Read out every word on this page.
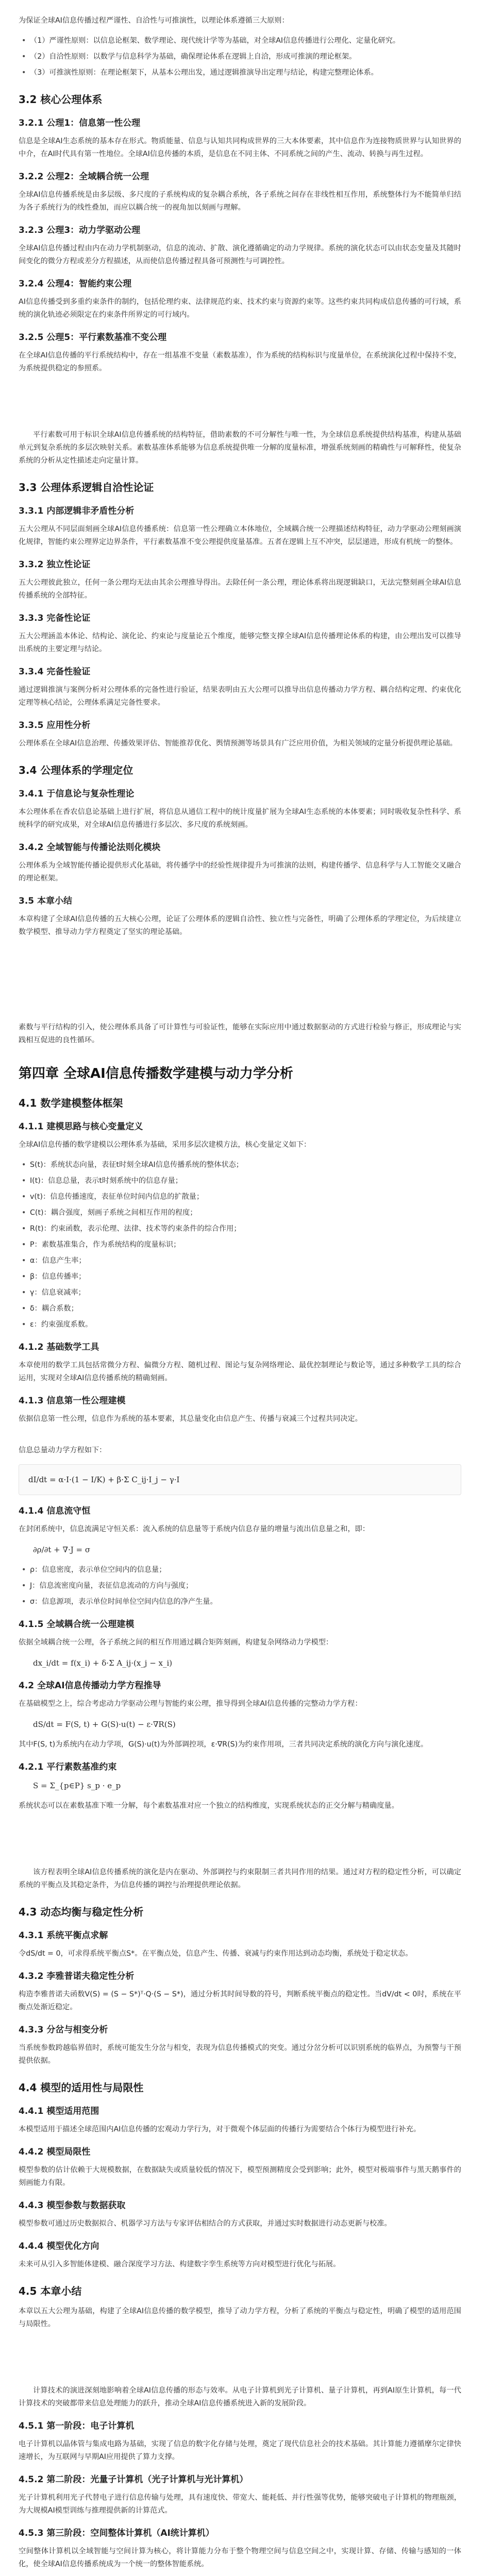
为保证全球AI信息传播过程严谨性、自洽性与可推演性，以理论体系遵循三大原则：

• （1）严谨性原则：以信息论框架、数学理论、现代统计学等为基础，对全球AI信息传播进行公理化、定量化研究。
• （2）自洽性原则：以数学与信息科学为基础，确保理论体系在逻辑上自洽，形成可推演的理论框架。
• （3）可推演性原则：在理论框架下，从基本公理出发，通过逻辑推演导出定理与结论，构建完整理论体系。
3.2 核心公理体系
3.2.1 公理1：信息第一性公理

信息是全球AI生态系统的基本存在形式。物质能量、信息与认知共同构成世界的三大本体要素，其中信息作为连接物质世界与认知世界的中介，在AI时代具有第一性地位。全球AI信息传播的本质，是信息在不同主体、不同系统之间的产生、流动、转换与再生过程。

3.2.2 公理2：全域耦合统一公理

全球AI信息传播系统是由多层级、多尺度的子系统构成的复杂耦合系统，各子系统之间存在非线性相互作用，系统整体行为不能简单归结为各子系统行为的线性叠加，而应以耦合统一的视角加以刻画与理解。

3.2.3 公理3：动力学驱动公理

全球AI信息传播过程由内在动力学机制驱动，信息的流动、扩散、演化遵循确定的动力学规律。系统的演化状态可以由状态变量及其随时间变化的微分方程或差分方程描述，从而使信息传播过程具备可预测性与可调控性。

3.2.4 公理4：智能约束公理

AI信息传播受到多重约束条件的制约，包括伦理约束、法律规范约束、技术约束与资源约束等。这些约束共同构成信息传播的可行域，系统的演化轨迹必须限定在约束条件所界定的可行域内。

3.2.5 公理5：平行素数基准不变公理

在全球AI信息传播的平行系统结构中，存在一组基准不变量（素数基准），作为系统的结构标识与度量单位，在系统演化过程中保持不变，为系统提供稳定的参照系。

平行素数可用于标识全球AI信息传播系统的结构特征，借助素数的不可分解性与唯一性，为全球信息系统提供结构基准，构建从基础单元到复杂系统的多层次映射关系。素数基准体系能够为信息系统提供唯一分解的度量标准，增强系统刻画的精确性与可解释性，使复杂系统的分析从定性描述走向定量计算。

3.3 公理体系逻辑自洽性论证
3.3.1 内部逻辑非矛盾性分析

五大公理从不同层面刻画全球AI信息传播系统：信息第一性公理确立本体地位，全域耦合统一公理描述结构特征，动力学驱动公理刻画演化规律，智能约束公理界定边界条件，平行素数基准不变公理提供度量基准。五者在逻辑上互不冲突，层层递进，形成有机统一的整体。

3.3.2 独立性论证

五大公理彼此独立，任何一条公理均无法由其余公理推导得出。去除任何一条公理，理论体系将出现逻辑缺口，无法完整刻画全球AI信息传播系统的全部特征。

3.3.3 完备性论证

五大公理涵盖本体论、结构论、演化论、约束论与度量论五个维度，能够完整支撑全球AI信息传播理论体系的构建，由公理出发可以推导出系统的主要定理与结论。

3.3.4 完备性验证

通过逻辑推演与案例分析对公理体系的完备性进行验证，结果表明由五大公理可以推导出信息传播动力学方程、耦合结构定理、约束优化定理等核心结论，公理体系满足完备性要求。

3.3.5 应用性分析

公理体系在全球AI信息治理、传播效果评估、智能推荐优化、舆情预测等场景具有广泛应用价值，为相关领域的定量分析提供理论基础。

3.4 公理体系的学理定位
3.4.1 于信息论与复杂性理论

本公理体系在香农信息论基础上进行扩展，将信息从通信工程中的统计度量扩展为全球AI生态系统的本体要素；同时吸收复杂性科学、系统科学的研究成果，对全球AI信息传播进行多层次、多尺度的系统刻画。

3.4.2 全域智能与传播论法则化模块

公理体系为全域智能传播论提供形式化基础，将传播学中的经验性规律提升为可推演的法则，构建传播学、信息科学与人工智能交叉融合的理论框架。

3.5 本章小结

本章构建了全球AI信息传播的五大核心公理，论证了公理体系的逻辑自洽性、独立性与完备性，明确了公理体系的学理定位，为后续建立数学模型、推导动力学方程奠定了坚实的理论基础。

素数与平行结构的引入，使公理体系具备了可计算性与可验证性，能够在实际应用中通过数据驱动的方式进行检验与修正，形成理论与实践相互促进的良性循环。

第四章 全球AI信息传播数学建模与动力学分析
4.1 数学建模整体框架
4.1.1 建模思路与核心变量定义

全球AI信息传播的数学建模以公理体系为基础，采用多层次建模方法，核心变量定义如下：

• S(t)：系统状态向量，表征t时刻全球AI信息传播系统的整体状态；
• I(t)：信息总量，表示t时刻系统中的信息存量；
• v(t)：信息传播速度，表征单位时间内信息的扩散量；
• C(t)：耦合强度，刻画子系统之间相互作用的程度；
• R(t)：约束函数，表示伦理、法律、技术等约束条件的综合作用；
• P：素数基准集合，作为系统结构的度量标识；
• α：信息产生率；
• β：信息传播率；
• γ：信息衰减率；
• δ：耦合系数；
• ε：约束强度系数。
4.1.2 基础数学工具

本章使用的数学工具包括常微分方程、偏微分方程、随机过程、图论与复杂网络理论、最优控制理论与数论等，通过多种数学工具的综合运用，实现对全球AI信息传播系统的精确刻画。

4.1.3 信息第一性公理建模

依据信息第一性公理，信息作为系统的基本要素，其总量变化由信息产生、传播与衰减三个过程共同决定。

信息总量动力学方程如下：

dI/dt = α·I·(1 − I/K) + β·Σ C_ij·I_j − γ·I
4.1.4 信息流守恒

在封闭系统中，信息流满足守恒关系：流入系统的信息量等于系统内信息存量的增量与流出信息量之和，即：

∂ρ/∂t + ∇·J = σ
• ρ：信息密度，表示单位空间内的信息量；
• J：信息流密度向量，表征信息流动的方向与强度；
• σ：信息源项，表示单位时间单位空间内信息的净产生量。
4.1.5 全域耦合统一公理建模

依据全域耦合统一公理，各子系统之间的相互作用通过耦合矩阵刻画，构建复杂网络动力学模型：

dx_i/dt = f(x_i) + δ·Σ A_ij·(x_j − x_i)
4.2 全球AI信息传播动力学方程推导

在基础模型之上，综合考虑动力学驱动公理与智能约束公理，推导得到全球AI信息传播的完整动力学方程：

dS/dt = F(S, t) + G(S)·u(t) − ε·∇R(S)

其中F(S, t)为系统内在动力学项，G(S)·u(t)为外部调控项，ε·∇R(S)为约束作用项，三者共同决定系统的演化方向与演化速度。

4.2.1 平行素数基准约束
S = Σ_{p∈P} s_p · e_p

系统状态可以在素数基准下唯一分解，每个素数基准对应一个独立的结构维度，实现系统状态的正交分解与精确度量。

该方程表明全球AI信息传播系统的演化是内在驱动、外部调控与约束限制三者共同作用的结果。通过对方程的稳定性分析，可以确定系统的平衡点及其稳定条件，为信息传播的调控与治理提供理论依据。

4.3 动态均衡与稳定性分析
4.3.1 系统平衡点求解

令dS/dt = 0，可求得系统平衡点S*。在平衡点处，信息产生、传播、衰减与约束作用达到动态均衡，系统处于稳定状态。

4.3.2 李雅普诺夫稳定性分析

构造李雅普诺夫函数V(S) = (S − S*)ᵀ·Q·(S − S*)，通过分析其时间导数的符号，判断系统平衡点的稳定性。当dV/dt < 0时，系统在平衡点处渐近稳定。

4.3.3 分岔与相变分析

当系统参数跨越临界值时，系统可能发生分岔与相变，表现为信息传播模式的突变。通过分岔分析可以识别系统的临界点，为预警与干预提供依据。

4.4 模型的适用性与局限性
4.4.1 模型适用范围

本模型适用于描述全球范围内AI信息传播的宏观动力学行为，对于微观个体层面的传播行为需要结合个体行为模型进行补充。

4.4.2 模型局限性

模型参数的估计依赖于大规模数据，在数据缺失或质量较低的情况下，模型预测精度会受到影响；此外，模型对极端事件与黑天鹅事件的刻画能力有限。

4.4.3 模型参数与数据获取

模型参数可通过历史数据拟合、机器学习方法与专家评估相结合的方式获取，并通过实时数据进行动态更新与校准。

4.4.4 模型优化方向

未来可从引入多智能体建模、融合深度学习方法、构建数字孪生系统等方向对模型进行优化与拓展。

4.5 本章小结

本章以五大公理为基础，构建了全球AI信息传播的数学模型，推导了动力学方程，分析了系统的平衡点与稳定性，明确了模型的适用范围与局限性。

计算技术的演进深刻地影响着全球AI信息传播的形态与效率。从电子计算机到光子计算机、量子计算机，再到AI原生计算机，每一代计算技术的突破都带来信息处理能力的跃升，推动全球AI信息传播系统进入新的发展阶段。

4.5.1 第一阶段：电子计算机

电子计算机以晶体管与集成电路为基础，实现了信息的数字化存储与处理，奠定了现代信息社会的技术基础。其计算能力遵循摩尔定律快速增长，为互联网与早期AI应用提供了算力支撑。

4.5.2 第二阶段：光量子计算机（光子计算机与光计算机）

光子计算机利用光子代替电子进行信息传输与处理，具有速度快、带宽大、能耗低、并行性强等优势，能够突破电子计算机的物理瓶颈，为大规模AI模型训练与推理提供新的计算范式。

4.5.3 第三阶段：空间整体计算机（AI统计算机）

空间整体计算机以全域智能与空间计算为核心，将计算能力分布于整个物理空间与信息空间之中，实现计算、存储、传输与感知的一体化，使全球AI信息传播系统成为一个统一的整体智能系统。
